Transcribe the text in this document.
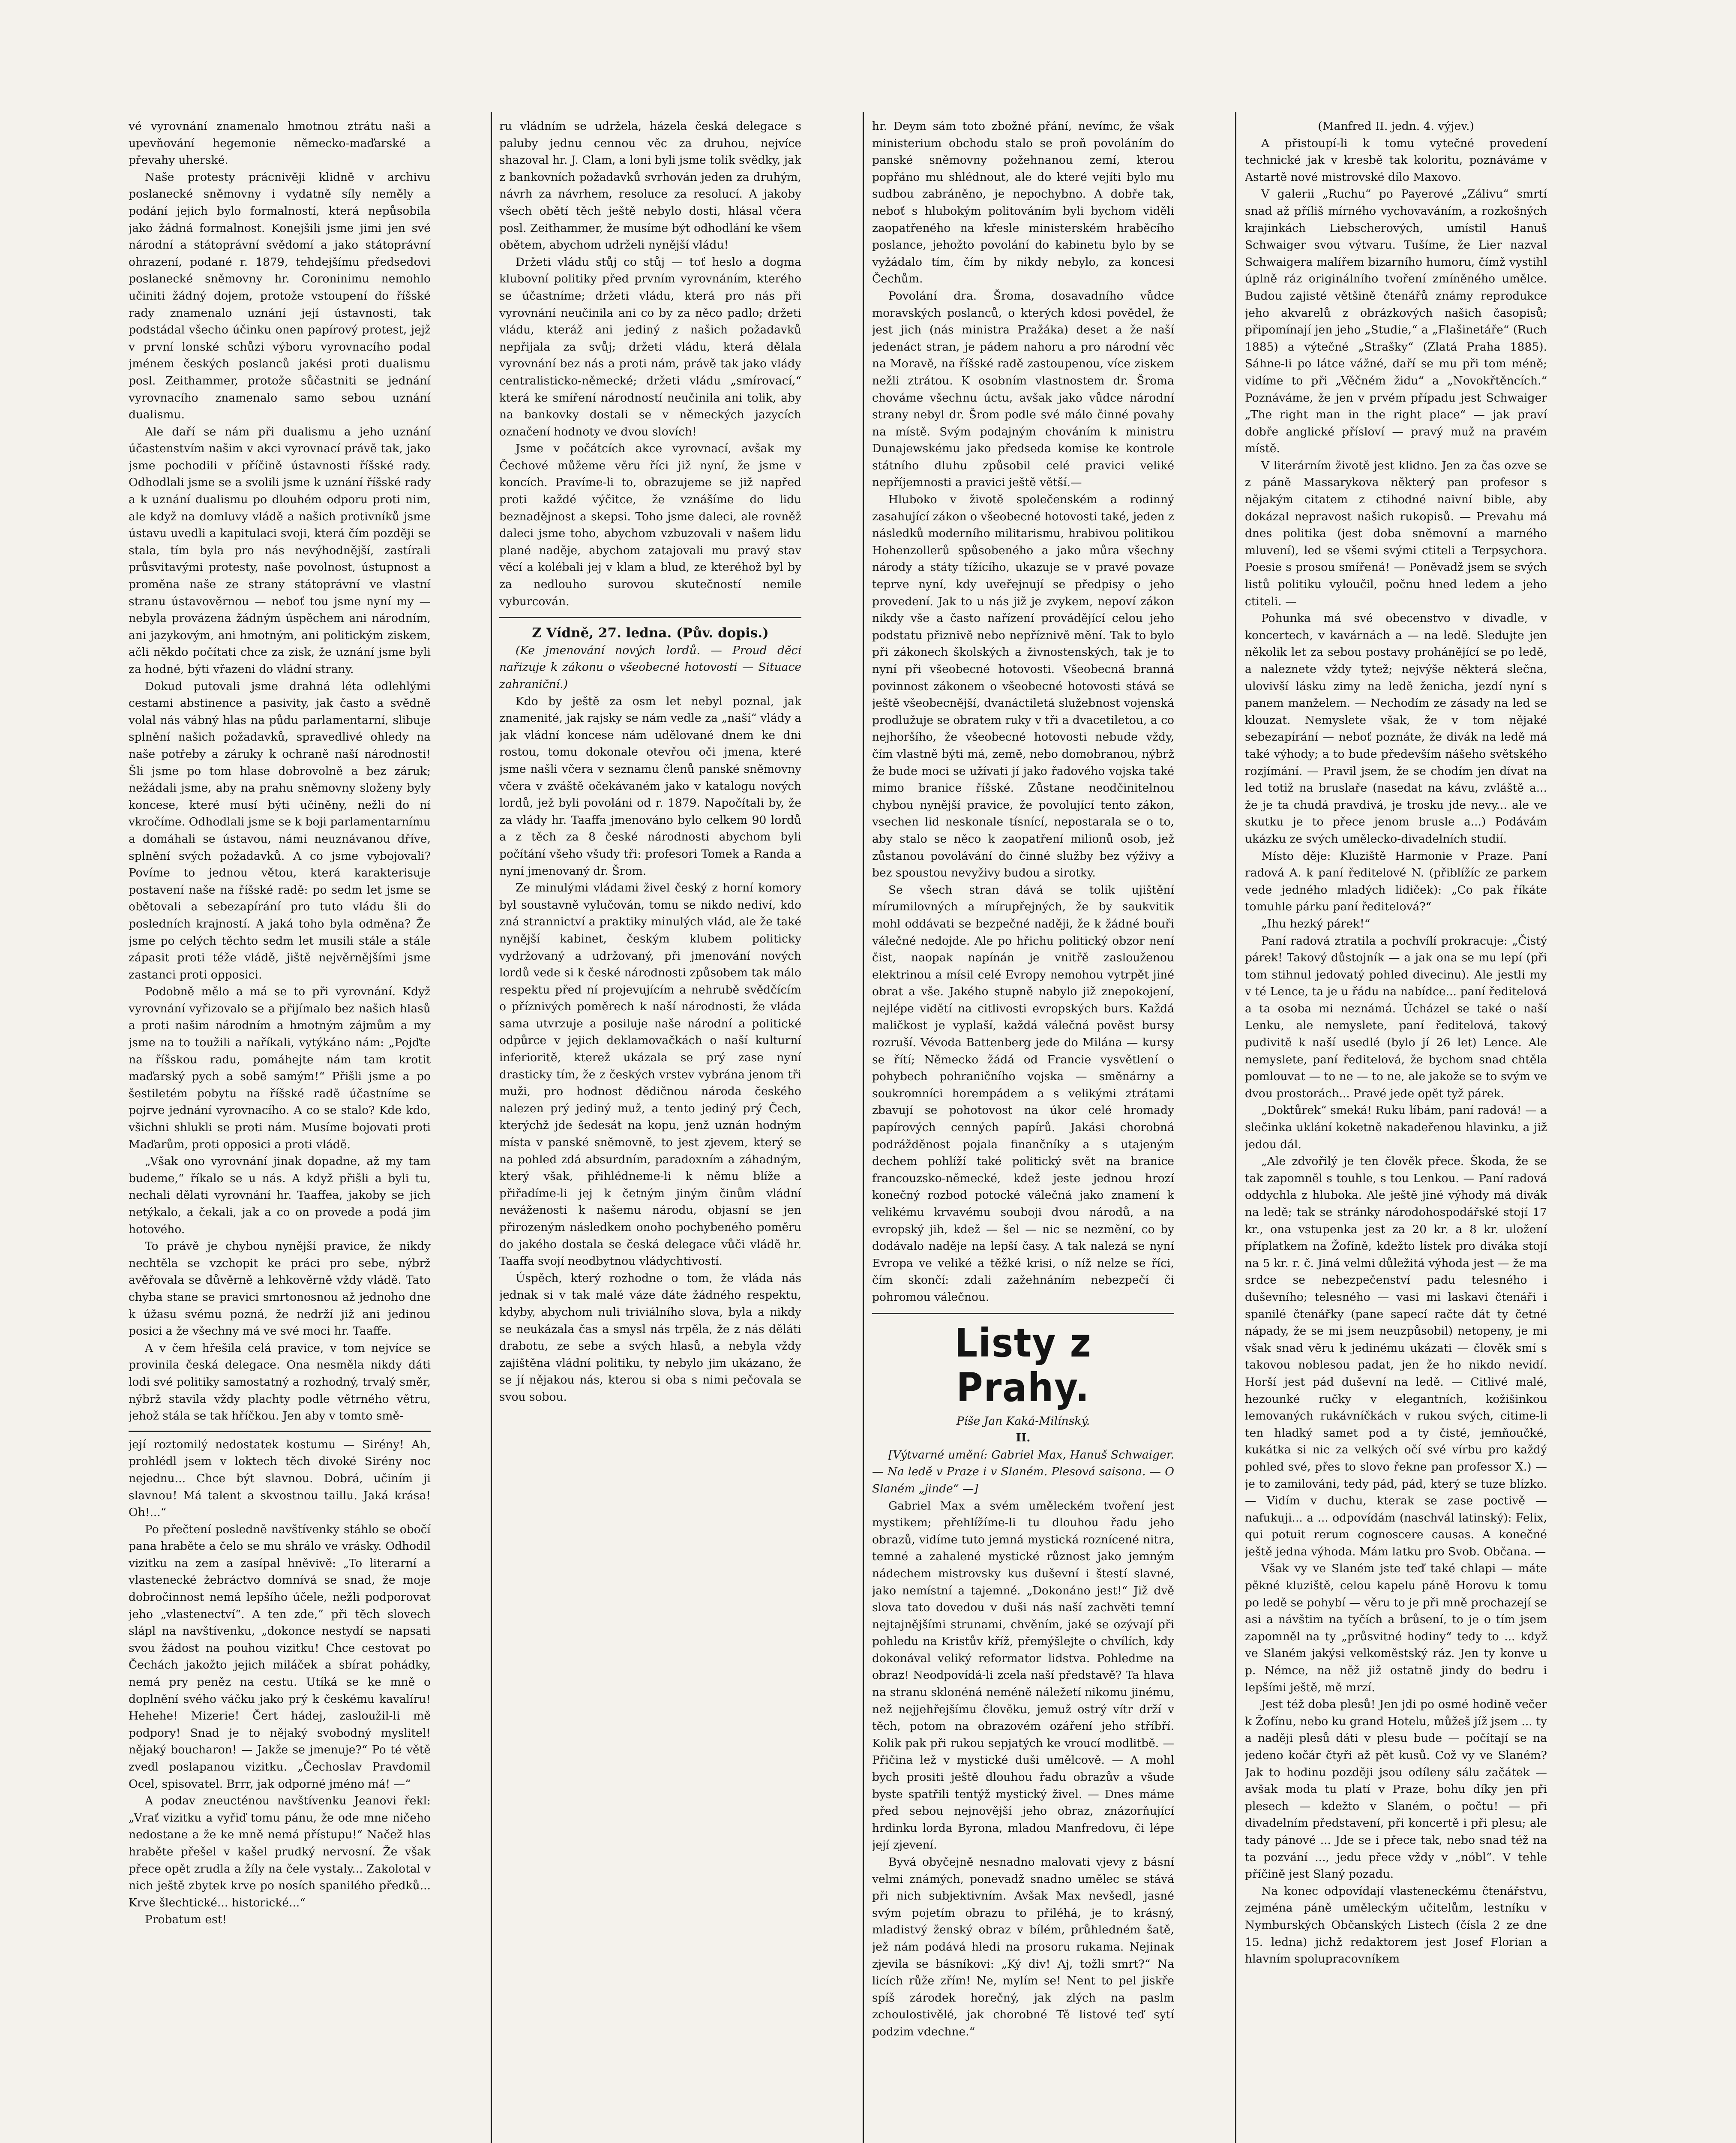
vé vyrovnání znamenalo hmotnou ztrátu naši a upevňování hegemonie německo-maďarské a převahy uherské.

Naše protesty prácnivěji klidně v archivu poslanecké sněmovny i vydatně síly neměly a podání jejich bylo formalností, která nepůsobila jako žádná formalnost. Konejšili jsme jimi jen své národní a státoprávní svědomí a jako státoprávní ohrazení, podané r. 1879, tehdejšímu předsedovi poslanecké sněmovny hr. Coroninimu nemohlo učiniti žádný dojem, protože vstoupení do říšské rady znamenalo uznání její ústavnosti, tak podstádal všecho účinku onen papírový protest, jejž v první lonské schůzi výboru vyrovnacího podal jménem českých poslanců jakési proti dualismu posl. Zeithammer, protože sůčastniti se jednání vyrovnacího znamenalo samo sebou uznání dualismu.

Ale daří se nám při dualismu a jeho uznání účastenstvím našim v akci vyrovnací právě tak, jako jsme pochodili v příčině ústavnosti říšské rady. Odhodlali jsme se a svolili jsme k uznání říšské rady a k uznání dualismu po dlouhém odporu proti nim, ale když na domluvy vládě a našich protivníků jsme ústavu uvedli a kapitulaci svoji, která čím později se stala, tím byla pro nás nevýhodnější, zastírali průsvitavými protesty, naše povolnost, ústupnost a proměna naše ze strany státoprávní ve vlastní stranu ústavověrnou — neboť tou jsme nyní my — nebyla provázena žádným úspěchem ani národním, ani jazykovým, ani hmotným, ani politickým ziskem, ačli někdo počítati chce za zisk, že uznání jsme byli za hodné, býti vřazeni do vládní strany.

Dokud putovali jsme drahná léta odlehlými cestami abstinence a pasivity, jak často a svědně volal nás vábný hlas na půdu parlamentarní, slibuje splnění našich požadavků, spravedlivé ohledy na naše potřeby a záruky k ochraně naší národnosti! Šli jsme po tom hlase dobrovolně a bez záruk; nežádali jsme, aby na prahu sněmovny složeny byly koncese, které musí býti učiněny, nežli do ní vkročíme. Odhodlali jsme se k boji parlamentarnímu a domáhali se ústavou, námi neuznávanou dříve, splnění svých požadavků. A co jsme vybojovali? Povíme to jednou větou, která karakterisuje postavení naše na říšské radě: po sedm let jsme se obětovali a sebezapírání pro tuto vládu šli do posledních krajností. A jaká toho byla odměna? Že jsme po celých těchto sedm let musili stále a stále zápasit proti téže vládě, jiště nejvěrnějšími jsme zastanci proti opposici.

Podobně mělo a má se to při vyrovnání. Když vyrovnání vyřizovalo se a přijímalo bez našich hlasů a proti našim národním a hmotným zájmům a my jsme na to toužili a naříkali, vytýkáno nám: „Pojďte na říšskou radu, pomáhejte nám tam krotit maďarský pych a sobě samým!“ Přišli jsme a po šestiletém pobytu na říšské radě účastníme se pojrve jednání vyrovnacího. A co se stalo? Kde kdo, všichni shlukli se proti nám. Musíme bojovati proti Maďarům, proti opposici a proti vládě.

„Však ono vyrovnání jinak dopadne, až my tam budeme,“ říkalo se u nás. A když přišli a byli tu, nechali dělati vyrovnání hr. Taaffea, jakoby se jich netýkalo, a čekali, jak a co on provede a podá jim hotového.

To právě je chybou nynější pravice, že nikdy nechtěla se vzchopit ke práci pro sebe, nýbrž avěřovala se důvěrně a lehkověrně vždy vládě. Tato chyba stane se pravici smrtonosnou až jednoho dne k úžasu svému pozná, že nedrží již ani jedinou posici a že všechny má ve své moci hr. Taaffe.

A v čem hřešila celá pravice, v tom nejvíce se provinila česká delegace. Ona nesměla nikdy dáti lodi své politiky samostatný a rozhodný, trvalý směr, nýbrž stavila vždy plachty podle větrného větru, jehož stála se tak hříčkou. Jen aby v tomto smě-

její roztomilý nedostatek kostumu — Sirény! Ah, prohlédl jsem v loktech těch divoké Sirény noc nejednu... Chce být slavnou. Dobrá, učiním ji slavnou! Má talent a skvostnou taillu. Jaká krása! Oh!...“

Po přečtení posledně navštívenky stáhlo se obočí pana hraběte a čelo se mu shrálo ve vrásky. Odhodil vizitku na zem a zasípal hněvivě: „To literarní a vlastenecké žebráctvo domnívá se snad, že moje dobročinnost nemá lepšího účele, nežli podporovat jeho „vlastenectví“. A ten zde,“ při těch slovech slápl na navštívenku, „dokonce nestydí se napsati svou žádost na pouhou vizitku! Chce cestovat po Čechách jakožto jejich miláček a sbírat pohádky, nemá pry peněz na cestu. Utíká se ke mně o doplnění svého váčku jako prý k českému kavalíru! Hehehe! Mizerie! Čert hádej, zasloužil-li mě podpory! Snad je to nějaký svobodný myslitel! nějaký boucharon! — Jakže se jmenuje?“ Po té větě zvedl poslapanou vizitku. „Čechoslav Pravdomil Ocel, spisovatel. Brrr, jak odporné jméno má! —“

A podav zneucténou navštívenku Jeanovi řekl: „Vrať vizitku a vyřiď tomu pánu, že ode mne ničeho nedostane a že ke mně nemá přístupu!“ Načež hlas hraběte přešel v kašel prudký nervosní. Že však přece opět zrudla a žíly na čele vystaly... Zakolotal v nich ještě zbytek krve po nosích spanilého předků... Krve šlechtické... historické...“

Probatum est!

ru vládním se udržela, házela česká delegace s paluby jednu cennou věc za druhou, nejvíce shazoval hr. J. Clam, a loni byli jsme tolik svědky, jak z bankovních požadavků svrhován jeden za druhým, návrh za návrhem, resoluce za resolucí. A jakoby všech obětí těch ještě nebylo dosti, hlásal včera posl. Zeithammer, že musíme být odhodlání ke všem obětem, abychom udrželi nynější vládu!

Držeti vládu stůj co stůj — toť heslo a dogma klubovní politiky před prvním vyrovnáním, kterého se účastníme; držeti vládu, která pro nás při vyrovnání neučinila ani co by za něco padlo; držeti vládu, kteráž ani jediný z našich požadavků nepřijala za svůj; držeti vládu, která dělala vyrovnání bez nás a proti nám, právě tak jako vlády centralisticko-německé; držeti vládu „smírovací,“ která ke smíření národností neučinila ani tolik, aby na bankovky dostali se v německých jazycích označení hodnoty ve dvou slovích!

Jsme v počátcích akce vyrovnací, avšak my Čechové můžeme věru říci již nyní, že jsme v koncích. Pravíme-li to, obrazujeme se již napřed proti každé výčitce, že vznášíme do lidu beznadějnost a skepsi. Toho jsme daleci, ale rovněž daleci jsme toho, abychom vzbuzovali v našem lidu plané naděje, abychom zatajovali mu pravý stav věcí a kolébali jej v klam a blud, ze kteréhož byl by za nedlouho surovou skutečností nemile vyburcován.

Z Vídně, 27. ledna. (Pův. dopis.)

(Ke jmenování nových lordů. — Proud děcí nařizuje k zákonu o všeobecné hotovosti — Situace zahraniční.)

Kdo by ještě za osm let nebyl poznal, jak znamenité, jak rajsky se nám vedle za „naší“ vlády a jak vládní koncese nám udělované dnem ke dni rostou, tomu dokonale otevřou oči jmena, které jsme našli včera v seznamu členů panské sněmovny včera v zváště očekávaném jako v katalogu nových lordů, jež byli povoláni od r. 1879. Napočítali by, že za vlády hr. Taaffa jmenováno bylo celkem 90 lordů a z těch za 8 české národnosti abychom byli počítání všeho všudy tři: profesori Tomek a Randa a nyní jmenovaný dr. Šrom.

Ze minulými vládami živel český z horní komory byl soustavně vylučován, tomu se nikdo nediví, kdo zná strannictví a praktiky minulých vlád, ale že také nynější kabinet, českým klubem politicky vydržovaný a udržovaný, při jmenování nových lordů vede si k české národnosti způsobem tak málo respektu před ní projevujícím a nehrubě svědčícím o příznivých poměrech k naší národnosti, že vláda sama utvrzuje a posiluje naše národní a politické odpůrce v jejich deklamovačkách o naší kulturní inferioritě, kterež ukázala se prý zase nyní drasticky tím, že z českých vrstev vybrána jenom tři muži, pro hodnost dědičnou národa českého nalezen prý jediný muž, a tento jediný prý Čech, kterýchž jde šedesát na kopu, jenž uznán hodným místa v panské sněmovně, to jest zjevem, který se na pohled zdá absurdním, paradoxním a záhadným, který však, přihlédneme-li k němu blíže a přiřadíme-li jej k četným jiným činům vládní neváženosti k našemu národu, objasní se jen přirozeným následkem onoho pochybeného poměru do jakého dostala se česká delegace vůči vládě hr. Taaffa svojí neodbytnou vládychtivostí.

Úspěch, který rozhodne o tom, že vláda nás jednak si v tak malé váze dáte žádného respektu, kdyby, abychom nuli triviálního slova, byla a nikdy se neukázala čas a smysl nás trpěla, že z nás děláti drabotu, ze sebe a svých hlasů, a nebyla vždy zajištěna vládní politiku, ty nebylo jim ukázano, že se jí nějakou nás, kterou si oba s nimi pečovala se svou sobou.

hr. Deym sám toto zbožné přání, nevímc, že však ministerium obchodu stalo se proň povoláním do panské sněmovny požehnanou zemí, kterou popřáno mu shlédnout, ale do které vejíti bylo mu sudbou zabráněno, je nepochybno. A dobře tak, neboť s hlubokým politováním byli bychom viděli zaopatřeného na křesle ministerském hraběcího poslance, jehožto povolání do kabinetu bylo by se vyžádalo tím, čím by nikdy nebylo, za koncesi Čechům.

Povolání dra. Šroma, dosavadního vůdce moravských poslanců, o kterých kdosi povědel, že jest jich (nás ministra Pražáka) deset a že naší jedenáct stran, je pádem nahoru a pro národní věc na Moravě, na říšské radě zastoupenou, více ziskem nežli ztrátou. K osobním vlastnostem dr. Šroma chováme všechnu úctu, avšak jako vůdce národní strany nebyl dr. Šrom podle své málo činné povahy na místě. Svým podajným chováním k ministru Dunajewskému jako předseda komise ke kontrole státního dluhu způsobil celé pravici veliké nepříjemnosti a pravici ještě větší.—

Hluboko v životě společenském a rodinný zasahující zákon o všeobecné hotovosti také, jeden z následků moderního militarismu, hrabivou politikou Hohenzollerů spůsobeného a jako můra všechny národy a státy tížícího, ukazuje se v pravé povaze teprve nyní, kdy uveřejnují se předpisy o jeho provedení. Jak to u nás již je zvykem, nepoví zákon nikdy vše a často nařízení provádějící celou jeho podstatu přiznivě nebo nepříznivě mění. Tak to bylo při zákonech školských a živnostenských, tak je to nyní při všeobecné hotovosti. Všeobecná branná povinnost zákonem o všeobecné hotovosti stává se ještě všeobecnější, dvanáctiletá služebnost vojenská prodlužuje se obratem ruky v tři a dvacetiletou, a co nejhoršího, že všeobecné hotovosti nebude vždy, čím vlastně býti má, země, nebo domobranou, nýbrž že bude moci se užívati jí jako řadového vojska také mimo branice říšské. Zůstane neodčinitelnou chybou nynější pravice, že povolující tento zákon, vsechen lid neskonale tísnící, nepostarala se o to, aby stalo se něco k zaopatření milionů osob, jež zůstanou povolávání do činné služby bez výživy a bez spoustou nevyživy budou a sirotky.

Se všech stran dává se tolik ujištění mírumilovných a mírupřejných, že by saukvitik mohl oddávati se bezpečné naději, že k žádné bouři válečné nedojde. Ale po hřichu politický obzor není čist, naopak napínán je vnitřě zaslouženou elektrinou a mísil celé Evropy nemohou vytrpět jiné obrat a vše. Jakého stupně nabylo již znepokojení, nejlépe vidětí na citlivosti evropských burs. Každá maličkost je vyplaší, každá válečná pověst bursy rozruší. Vévoda Battenberg jede do Milána — kursy se řítí; Německo žádá od Francie vysvětlení o pohybech pohraničního vojska — směnárny a soukromníci horempádem a s velikými ztrátami zbavují se pohotovost na úkor celé hromady papírových cenných papírů. Jakási chorobná podrážděnost pojala finančníky a s utajeným dechem pohlíží také politický svět na branice francouzsko-německé, kdež jeste jednou hrozí konečný rozbod potocké válečná jako znamení k velikému krvavému souboji dvou národů, a na evropský jih, kdež — šel — nic se nezmění, co by dodávalo naděje na lepší časy. A tak nalezá se nyní Evropa ve veliké a těžké krisi, o níž nelze se říci, čím skončí: zdali zažehnáním nebezpečí či pohromou válečnou.

Listy z Prahy.

Píše Jan Kaká-Milínský.

II.

[Výtvarné umění: Gabriel Max, Hanuš Schwaiger. — Na ledě v Praze i v Slaném. Plesová saisona. — O Slaném „jinde“ —]

Gabriel Max a svém uměleckém tvoření jest mystikem; přehlížíme-li tu dlouhou řadu jeho obrazů, vidíme tuto jemná mystická roznícené nitra, temné a zahalené mystické různost jako jemným nádechem mistrovsky kus duševní i štestí slavné, jako nemístní a tajemné. „Dokonáno jest!“ Již dvě slova tato dovedou v duši nás naší zachvěti temní nejtajnějšími strunami, chvěním, jaké se ozývají při pohledu na Kristův kříž, přemýšlejte o chvílích, kdy dokonával veliký reformator lidstva. Pohledme na obraz! Neodpovídá-li zcela naší představě? Ta hlava na stranu sklonéná neméně náležetí nikomu jinému, než nejjehřejšímu člověku, jemuž ostrý vítr drží v těch, potom na obrazovém ozáření jeho stříbří. Kolik pak při rukou sepjatých ke vroucí modlitbě. — Přičina lež v mystické duši umělcově. — A mohl bych prositi ještě dlouhou řadu obrazův a všude byste spatřili tentýž mystický živel. — Dnes máme před sebou nejnovější jeho obraz, znázorňující hrdinku lorda Byrona, mladou Manfredovu, či lépe její zjevení.

Byvá obyčejně nesnadno malovati vjevy z básní velmi známých, ponevadž snadno umělec se stává při nich subjektivním. Avšak Max nevšedl, jasné svým pojetím obrazu to přiléhá, je to krásný, mladistvý ženský obraz v bílém, průhledném šatě, jež nám podává hledi na prosoru rukama. Nejinak zjevila se básníkovi: „Ký div! Aj, tožli smrt?“ Na licích růže zřím! Ne, mylím se! Nent to pel jiskře spíš zárodek horečný, jak zlých na paslm zchoulostivělé, jak chorobné Tě listové teď sytí podzim vdechne.“

(Manfred II. jedn. 4. výjev.)

A přistoupí-li k tomu vytečné provedení technické jak v kresbě tak koloritu, poznáváme v Astartě nové mistrovské dílo Maxovo.

V galerii „Ruchu“ po Payerové „Zálivu“ smrtí snad až příliš mírného vychovaváním, a rozkošných krajinkách Liebscherových, umístil Hanuš Schwaiger svou výtvaru. Tušíme, že Lier nazval Schwaigera malířem bizarního humoru, čímž vystihl úplně ráz originálního tvoření zmíněného umělce. Budou zajisté většině čtenářů známy reprodukce jeho akvarelů z obrázkových našich časopisů; připomínají jen jeho „Studie,“ a „Flašinetáře“ (Ruch 1885) a výtečné „Strašky“ (Zlatá Praha 1885). Sáhne-li po látce vážné, daří se mu při tom méně; vidíme to při „Věčném židu“ a „Novokřtěncích.“ Poznáváme, že jen v prvém případu jest Schwaiger „The right man in the right place“ — jak praví dobře anglické přísloví — pravý muž na pravém místě.

V literárním životě jest klidno. Jen za čas ozve se z páně Massarykova některý pan profesor s nějakým citatem z ctihodné naivní bible, aby dokázal nepravost našich rukopisů. — Prevahu má dnes politika (jest doba sněmovní a marného mluvení), led se všemi svými ctiteli a Terpsychora. Poesie s prosou smířená! — Poněvadž jsem se svých listů politiku vyloučil, počnu hned ledem a jeho ctiteli. —

Pohunka má své obecenstvo v divadle, v koncertech, v kavárnách a — na ledě. Sledujte jen několik let za sebou postavy prohánějící se po ledě, a naleznete vždy tytež; nejvýše některá slečna, ulovivší lásku zimy na ledě ženicha, jezdí nyní s panem manželem. — Nechodím ze zásady na led se klouzat. Nemyslete však, že v tom nějaké sebezapírání — neboť poznáte, že divák na ledě má také výhody; a to bude především nášeho světského rozjímání. — Pravil jsem, že se chodím jen dívat na led totiž na bruslaře (nasedat na kávu, zvláště a... že je ta chudá pravdivá, je trosku jde nevy... ale ve skutku je to přece jenom brusle a...) Podávám ukázku ze svých umělecko-divadelních studií.

Místo děje: Kluziště Harmonie v Praze. Paní radová A. k paní ředitelové N. (přiblížíc ze parkem vede jedného mladých lidiček): „Co pak říkáte tomuhle párku paní ředitelová?“

„Ihu hezký párek!“

Paní radová ztratila a pochvílí prokracuje: „Čistý párek! Takový důstojník — a jak ona se mu lepí (při tom stihnul jedovatý pohled divecinu). Ale jestli my v té Lence, ta je u řádu na nabídce... paní ředitelová a ta osoba mi neznámá. Úcházel se také o naší Lenku, ale nemyslete, paní ředitelová, takový pudivitě k naší usedlé (bylo jí 26 let) Lence. Ale nemyslete, paní ředitelová, že bychom snad chtěla pomlouvat — to ne — to ne, ale jakože se to svým ve dvou prostorách... Pravé jede opět tyž párek.

„Doktůrek“ smeká! Ruku líbám, paní radová! — a slečinka uklání koketně nakadeřenou hlavinku, a již jedou dál.

„Ale zdvořilý je ten člověk přece. Škoda, že se tak zapomněl s touhle, s tou Lenkou. — Paní radová oddychla z hluboka. Ale ještě jiné výhody má divák na ledě; tak se stránky národohospodářské stojí 17 kr., ona vstupenka jest za 20 kr. a 8 kr. uložení příplatkem na Žofíně, kdežto lístek pro diváka stojí na 5 kr. r. č. Jiná velmi důležitá výhoda jest — že ma srdce se nebezpečenství padu telesného i duševního; telesného — vasi mi laskavi čtenáři i spanilé čtenářky (pane sapecí račte dát ty četné nápady, že se mi jsem neuzpůsobil) netopeny, je mi však snad věru k jedinému ukázati — člověk smí s takovou noblesou padat, jen že ho nikdo nevidí. Horší jest pád duševní na ledě. — Citlivé malé, hezounké ručky v elegantních, kožišinkou lemovaných rukávníčkách v rukou svých, citime-li ten hladký samet pod a ty čisté, jemňoučké, kukátka si nic za velkých očí své vírbu pro každý pohled své, přes to slovo řekne pan professor X.) — je to zamilováni, tedy pád, pád, který se tuze blízko. — Vidím v duchu, kterak se zase poctivě — nafukuji... a ... odpovídám (naschvál latinský): Felix, qui potuit rerum cognoscere causas. A konečné ještě jedna výhoda. Mám latku pro Svob. Občana. —

Však vy ve Slaném jste teď také chlapi — máte pěkné kluziště, celou kapelu páně Horovu k tomu po ledě se pohybí — věru to je při mně prochazejí se asi a návštim na tyčích a brůsení, to je o tím jsem zapomněl na ty „průsvitné hodiny“ tedy to ... když ve Slaném jakýsi velkoměstský ráz. Jen ty konve u p. Némce, na něž již ostatně jindy do bedru i lepšími ještě, mě mrzí.

Jest též doba plesů! Jen jdi po osmé hodině večer k Žofínu, nebo ku grand Hotelu, můžeš jíž jsem ... ty a naději plesů dáti v plesu bude — počítají se na jedeno kočár čtyři až pět kusů. Což vy ve Slaném? Jak to hodinu později jsou odíleny sálu začátek — avšak moda tu platí v Praze, bohu díky jen při plesech — kdežto v Slaném, o počtu! — při divadelním představení, při koncertě i při plesu; ale tady pánové ... Jde se i přece tak, nebo snad též na ta pozvání ..., jedu přece vždy v „nóbl“. V tehle příčině jest Slaný pozadu.

Na konec odpovídají vlasteneckému čtenářstvu, zejména páně uměleckým učitelům, lestníku v Nymburských Občanských Listech (čísla 2 ze dne 15. ledna) jichž redaktorem jest Josef Florian a hlavním spolupracovníkem
